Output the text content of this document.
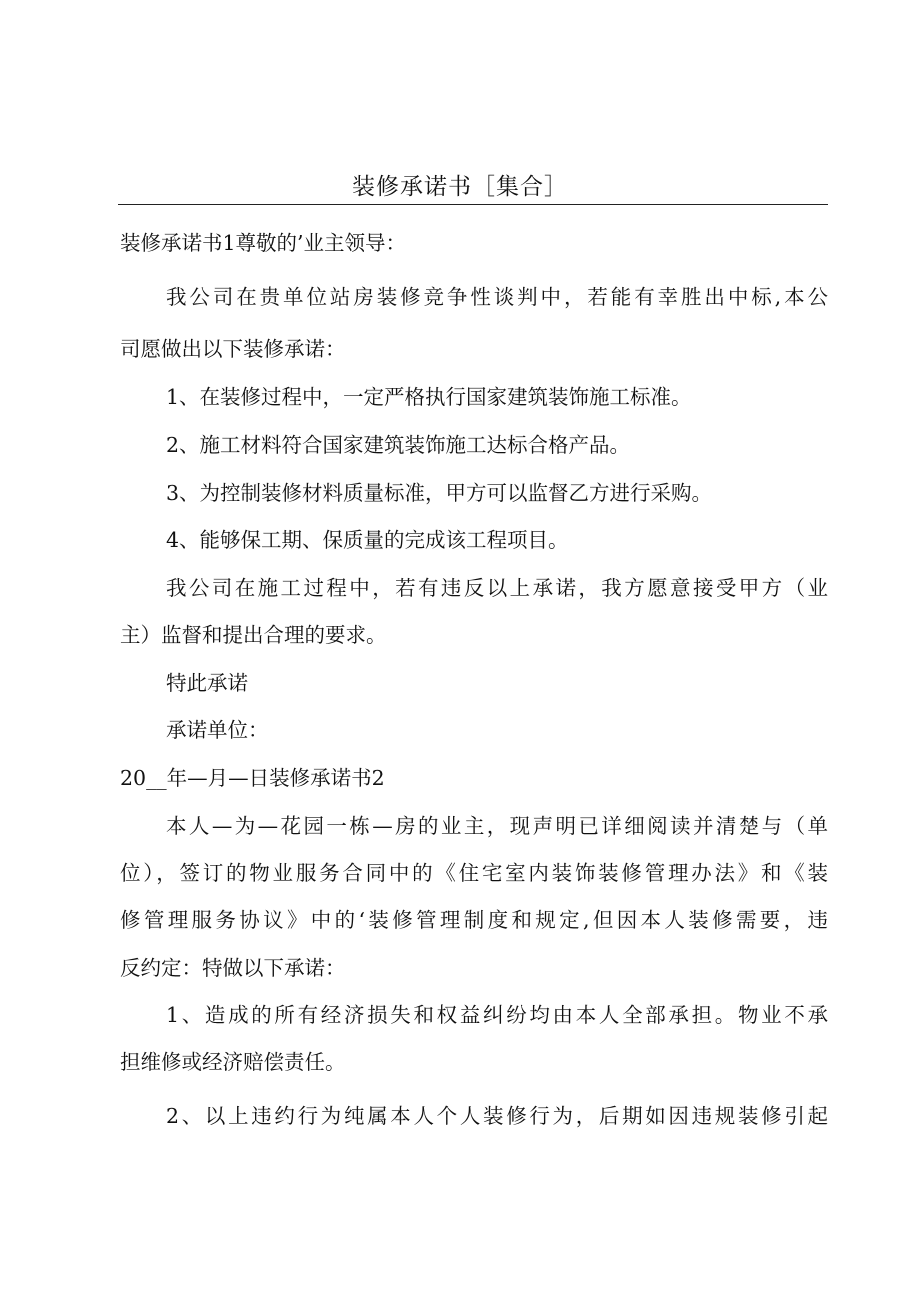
装修承诺书［集合］
装修承诺书1尊敬的’业主领导：
我公司在贵单位站房装修竞争性谈判中，若能有幸胜出中标,本公
司愿做出以下装修承诺：
1、在装修过程中，一定严格执行国家建筑装饰施工标准。
2、施工材料符合国家建筑装饰施工达标合格产品。
3、为控制装修材料质量标准，甲方可以监督乙方进行采购。
4、能够保工期、保质量的完成该工程项目。
我公司在施工过程中，若有违反以上承诺，我方愿意接受甲方（业
主）监督和提出合理的要求。
特此承诺
承诺单位：
20__年—月—日装修承诺书2
本人—为—花园一栋—房的业主，现声明已详细阅读并清楚与（单
位），签订的物业服务合同中的《住宅室内装饰装修管理办法》和《装
修管理服务协议》中的‘装修管理制度和规定,但因本人装修需要，违
反约定：特做以下承诺：
1、造成的所有经济损失和权益纠纷均由本人全部承担。物业不承
担维修或经济赔偿责任。
2、以上违约行为纯属本人个人装修行为，后期如因违规装修引起
